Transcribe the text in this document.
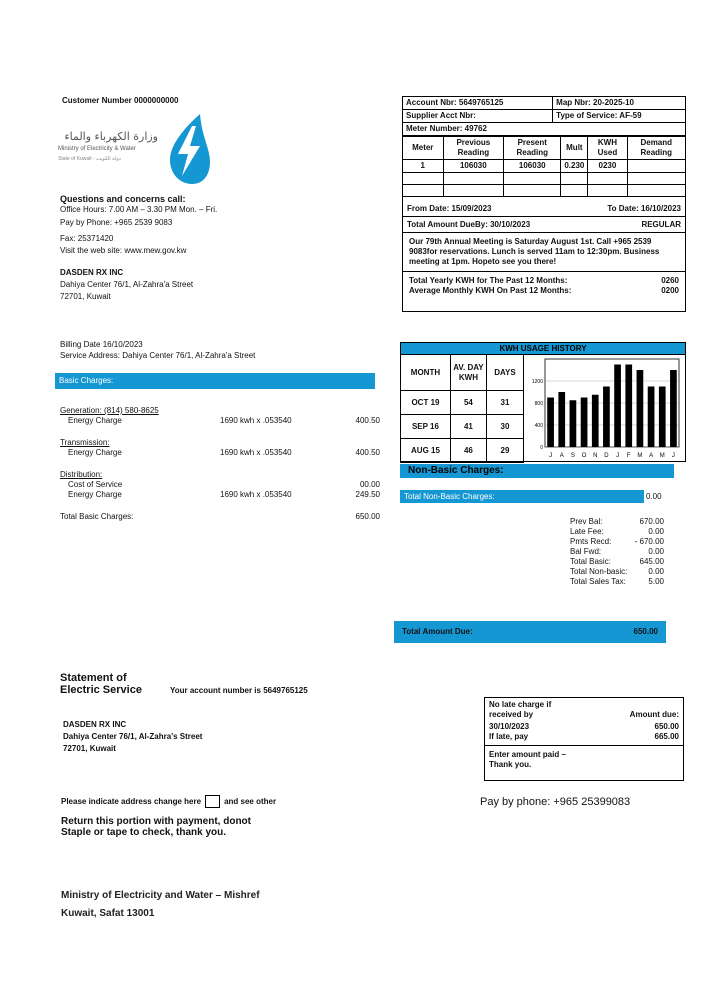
Customer Number 0000000000
وزارة الكهرباء والماء
Ministry of Electricity & Water
State of Kuwait - دولة الكويت
Questions and concerns call:
Office Hours: 7.00 AM – 3.30 PM Mon. – Fri.
Pay by Phone: +965 2539 9083
Fax: 25371420
Visit the web site: www.mew.gov.kw
DASDEN RX INC
Dahiya Center 76/1, Al-Zahra'a Street
72701, Kuwait
Account Nbr: 5649765125	Map Nbr: 20-2025-10
Supplier Acct Nbr:	Type of Service: AF-59
Meter Number: 49762	
Meter	Previous Reading	Present Reading	Mult	KWH Used	Demand Reading
1	106030	106030	0.230	0230	

From Date: 15/09/2023	To Date: 16/10/2023
Total Amount DueBy: 30/10/2023	REGULAR
Our 79th Annual Meeting is Saturday August 1st. Call +965 2539 9083for reservations. Lunch is served 11am to 12:30pm. Business meeting at 1pm. Hopeto see you there!
Total Yearly KWH for The Past 12 Months:	0260
Average Monthly KWH On Past 12 Months:	0200
Billing Date 16/10/2023
Service Address: Dahiya Center 76/1, Al-Zahra'a Street
Basic Charges:
Generation: (814) 580-8625
Energy Charge	1690 kwh x .053540	400.50
Transmission:
Energy Charge	1690 kwh x .053540	400.50
Distribution:
Cost of Service	00.00
Energy Charge	1690 kwh x .053540	249.50
Total Basic Charges:	650.00
KWH USAGE HISTORY
MONTH	AV. DAY KWH	DAYS
OCT 19	54	31
SEP 16	41	30
AUG 15	46	29	0
400
800
1200
J A S O N D J F M A M J
Non-Basic Charges:
Total Non-Basic Charges:	0.00
Prev Bal:	670.00
Late Fee:	0.00
Pmts Recd:	- 670.00
Bal Fwd:	0.00
Total Basic:	645.00
Total Non-basic:	0.00
Total Sales Tax:	5.00
Total Amount Due:	650.00
Statement of
Electric Service	Your account number is 5649765125
DASDEN RX INC
Dahiya Center 76/1, Al-Zahra's Street
72701, Kuwait
Please indicate address change here	and see other
Return this portion with payment, donot
Staple or tape to check, thank you.
No late charge if received by	Amount due:
30/10/2023	650.00
If late, pay	665.00
Enter amount paid –
Thank you.
Pay by phone: +965 25399083
Ministry of Electricity and Water – Mishref
Kuwait, Safat 13001
